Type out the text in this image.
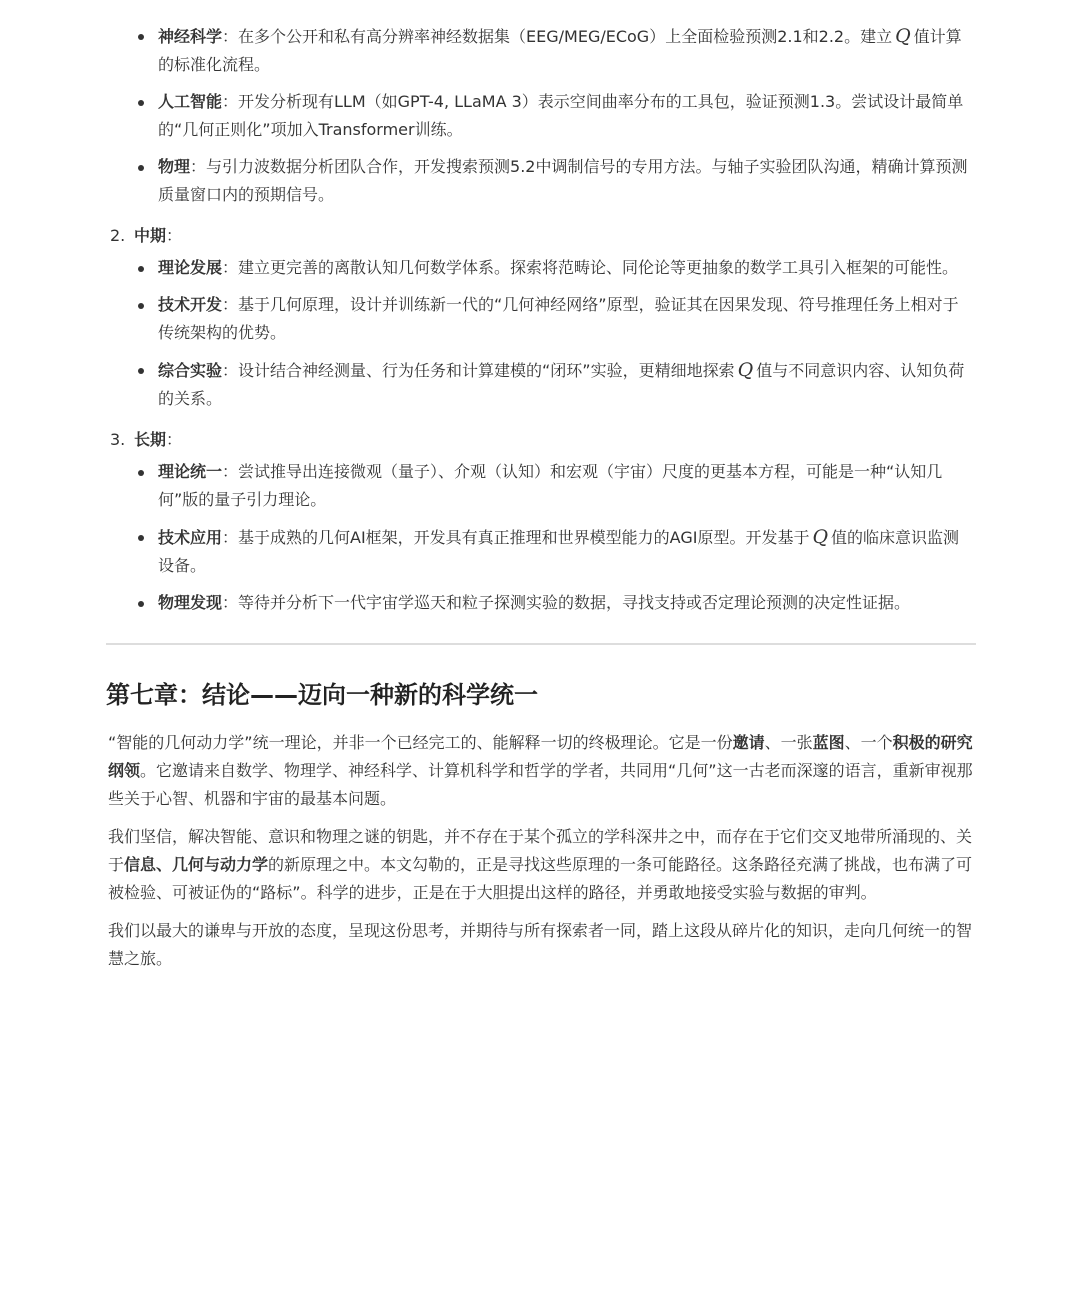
神经科学：在多个公开和私有高分辨率神经数据集（EEG/MEG/ECoG）上全面检验预测2.1和2.2。建立 Q 值计算的标准化流程。
人工智能：开发分析现有LLM（如GPT-4, LLaMA 3）表示空间曲率分布的工具包，验证预测1.3。尝试设计最简单的“几何正则化”项加入Transformer训练。
物理：与引力波数据分析团队合作，开发搜索预测5.2中调制信号的专用方法。与轴子实验团队沟通，精确计算预测质量窗口内的预期信号。
2. 中期 ：
理论发展：建立更完善的离散认知几何数学体系。探索将范畴论、同伦论等更抽象的数学工具引入框架的可能性。
技术开发：基于几何原理，设计并训练新一代的“几何神经网络”原型，验证其在因果发现、符号推理任务上相对于传统架构的优势。
综合实验：设计结合神经测量、行为任务和计算建模的“闭环”实验，更精细地探索 Q 值与不同意识内容、认知负荷的关系。
3. 长期 ：
理论统一：尝试推导出连接微观（量子）、介观（认知）和宏观（宇宙）尺度的更基本方程，可能是一种“认知几何”版的量子引力理论。
技术应用：基于成熟的几何AI框架，开发具有真正推理和世界模型能力的AGI原型。开发基于 Q 值的临床意识监测设备。
物理发现：等待并分析下一代宇宙学巡天和粒子探测实验的数据，寻找支持或否定理论预测的决定性证据。
第七章：结论——迈向一种新的科学统一

“智能的几何动力学”统一理论，并非一个已经完工的、能解释一切的终极理论。它是一份邀请、一张蓝图、一个积极的研究纲领。它邀请来自数学、物理学、神经科学、计算机科学和哲学的学者，共同用“几何”这一古老而深邃的语言，重新审视那些关于心智、机器和宇宙的最基本问题。

我们坚信，解决智能、意识和物理之谜的钥匙，并不存在于某个孤立的学科深井之中，而存在于它们交叉地带所涌现的、关于信息、几何与动力学的新原理之中。本文勾勒的，正是寻找这些原理的一条可能路径。这条路径充满了挑战，也布满了可被检验、可被证伪的“路标”。科学的进步，正是在于大胆提出这样的路径，并勇敢地接受实验与数据的审判。

我们以最大的谦卑与开放的态度，呈现这份思考，并期待与所有探索者一同，踏上这段从碎片化的知识，走向几何统一的智慧之旅。
